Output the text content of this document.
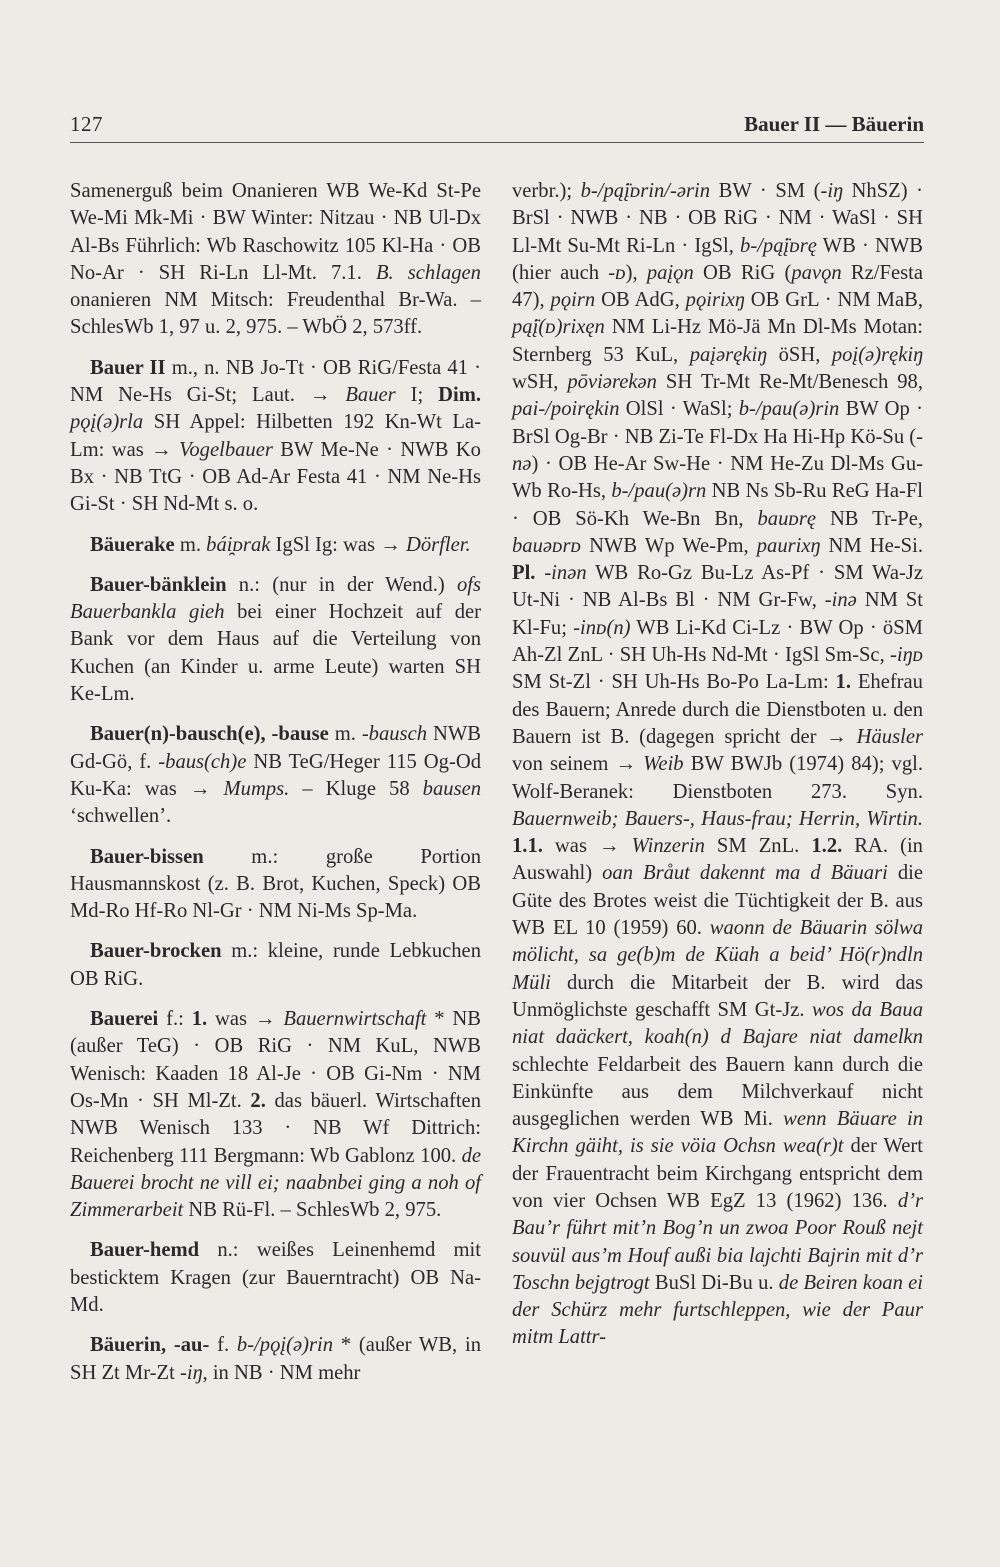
127	Bauer II — Bäuerin

Samenerguß beim Onanieren WB We-Kd St-Pe We-Mi Mk-Mi · BW Winter: Nitzau · NB Ul-Dx Al-Bs Führlich: Wb Raschowitz 105 Kl-Ha · OB No-Ar · SH Ri-Ln Ll-Mt. 7.1. B. schlagen onanieren NM Mitsch: Freudenthal Br-Wa. – SchlesWb 1, 97 u. 2, 975. – WbÖ 2, 573ff.

Bauer II m., n. NB Jo-Tt · OB RiG/Festa 41 · NM Ne-Hs Gi-St; Laut. → Bauer I; Dim. pǫį(ə)rla SH Appel: Hilbetten 192 Kn-Wt La-Lm: was → Vogelbauer BW Me-Ne · NWB Ko Bx · NB TtG · OB Ad-Ar Festa 41 · NM Ne-Hs Gi-St · SH Nd-Mt s. o.

Bäuerake m. bái̯ᴅrak IgSl Ig: was → Dörfler.

Bauer-bänklein n.: (nur in der Wend.) ofs Bauerbankla gieh bei einer Hochzeit auf der Bank vor dem Haus auf die Verteilung von Kuchen (an Kinder u. arme Leute) warten SH Ke-Lm.

Bauer(n)-bausch(e), -bause m. -bausch NWB Gd-Gö, f. -baus(ch)e NB TeG/Heger 115 Og-Od Ku-Ka: was → Mumps. – Kluge 58 bausen ‘schwellen’.

Bauer-bissen m.: große Portion Hausmannskost (z. B. Brot, Kuchen, Speck) OB Md-Ro Hf-Ro Nl-Gr · NM Ni-Ms Sp-Ma.

Bauer-brocken m.: kleine, runde Lebkuchen OB RiG.

Bauerei f.: 1. was → Bauernwirtschaft * NB (außer TeG) · OB RiG · NM KuL, NWB Wenisch: Kaaden 18 Al-Je · OB Gi-Nm · NM Os-Mn · SH Ml-Zt. 2. das bäuerl. Wirtschaften NWB Wenisch 133 · NB Wf Dittrich: Reichenberg 111 Bergmann: Wb Gablonz 100. de Bauerei brocht ne vill ei; naabnbei ging a noh of Zimmerarbeit NB Rü-Fl. – SchlesWb 2, 975.

Bauer-hemd n.: weißes Leinenhemd mit besticktem Kragen (zur Bauerntracht) OB Na-Md.

Bäuerin, -au- f. b-/pǫį(ə)rin * (außer WB, in SH Zt Mr-Zt -iŋ, in NB · NM mehr

verbr.); b-/pą̈įᴅrin/-ərin BW · SM (-iŋ NhSZ) · BrSl · NWB · NB · OB RiG · NM · WaSl · SH Ll-Mt Su-Mt Ri-Ln · IgSl, b-/pą̈įᴅrę WB · NWB (hier auch -ᴅ), paįǫn OB RiG (pavǫn Rz/Festa 47), pǫirn OB AdG, pǫirixŋ OB GrL · NM MaB, pą̈į(ᴅ)rixęn NM Li-Hz Mö-Jä Mn Dl-Ms Motan: Sternberg 53 KuL, paįərękiŋ öSH, poį(ə)rękiŋ wSH, pōviərekən SH Tr-Mt Re-Mt/Benesch 98, pai-/poirękin OlSl · WaSl; b-/pau(ə)rin BW Op · BrSl Og-Br · NB Zi-Te Fl-Dx Ha Hi-Hp Kö-Su (-nə) · OB He-Ar Sw-He · NM He-Zu Dl-Ms Gu-Wb Ro-Hs, b-/pau(ə)rn NB Ns Sb-Ru ReG Ha-Fl · OB Sö-Kh We-Bn Bn, bauᴅrę NB Tr-Pe, bauəᴅrᴅ NWB Wp We-Pm, paurixŋ NM He-Si. Pl. -inən WB Ro-Gz Bu-Lz As-Pf · SM Wa-Jz Ut-Ni · NB Al-Bs Bl · NM Gr-Fw, -inə NM St Kl-Fu; -inᴅ(n) WB Li-Kd Ci-Lz · BW Op · öSM Ah-Zl ZnL · SH Uh-Hs Nd-Mt · IgSl Sm-Sc, -iŋᴅ SM St-Zl · SH Uh-Hs Bo-Po La-Lm: 1. Ehefrau des Bauern; Anrede durch die Dienstboten u. den Bauern ist B. (dagegen spricht der → Häusler von seinem → Weib BW BWJb (1974) 84); vgl. Wolf-Beranek: Dienstboten 273. Syn. Bauernweib; Bauers-, Haus-frau; Herrin, Wirtin. 1.1. was → Winzerin SM ZnL. 1.2. RA. (in Auswahl) oan Bråut dakennt ma d Bäuari die Güte des Brotes weist die Tüchtigkeit der B. aus WB EL 10 (1959) 60. waonn de Bäuarin sölwa mölicht, sa ge(b)m de Küah a beid’ Hö(r)ndln Müli durch die Mitarbeit der B. wird das Unmöglichste geschafft SM Gt-Jz. wos da Baua niat daäckert, koah(n) d Bajare niat damelkn schlechte Feldarbeit des Bauern kann durch die Einkünfte aus dem Milchverkauf nicht ausgeglichen werden WB Mi. wenn Bäuare in Kirchn gäiht, is sie vöia Ochsn wea(r)t der Wert der Frauentracht beim Kirchgang entspricht dem von vier Ochsen WB EgZ 13 (1962) 136. d’r Bau’r führt mit’n Bog’n un zwoa Poor Rouß nejt souvül aus’m Houf außi bia lajchti Bajrin mit d’r Toschn bejgtrogt BuSl Di-Bu u. de Beiren koan ei der Schürz mehr furtschleppen, wie der Paur mitm Lattr-
